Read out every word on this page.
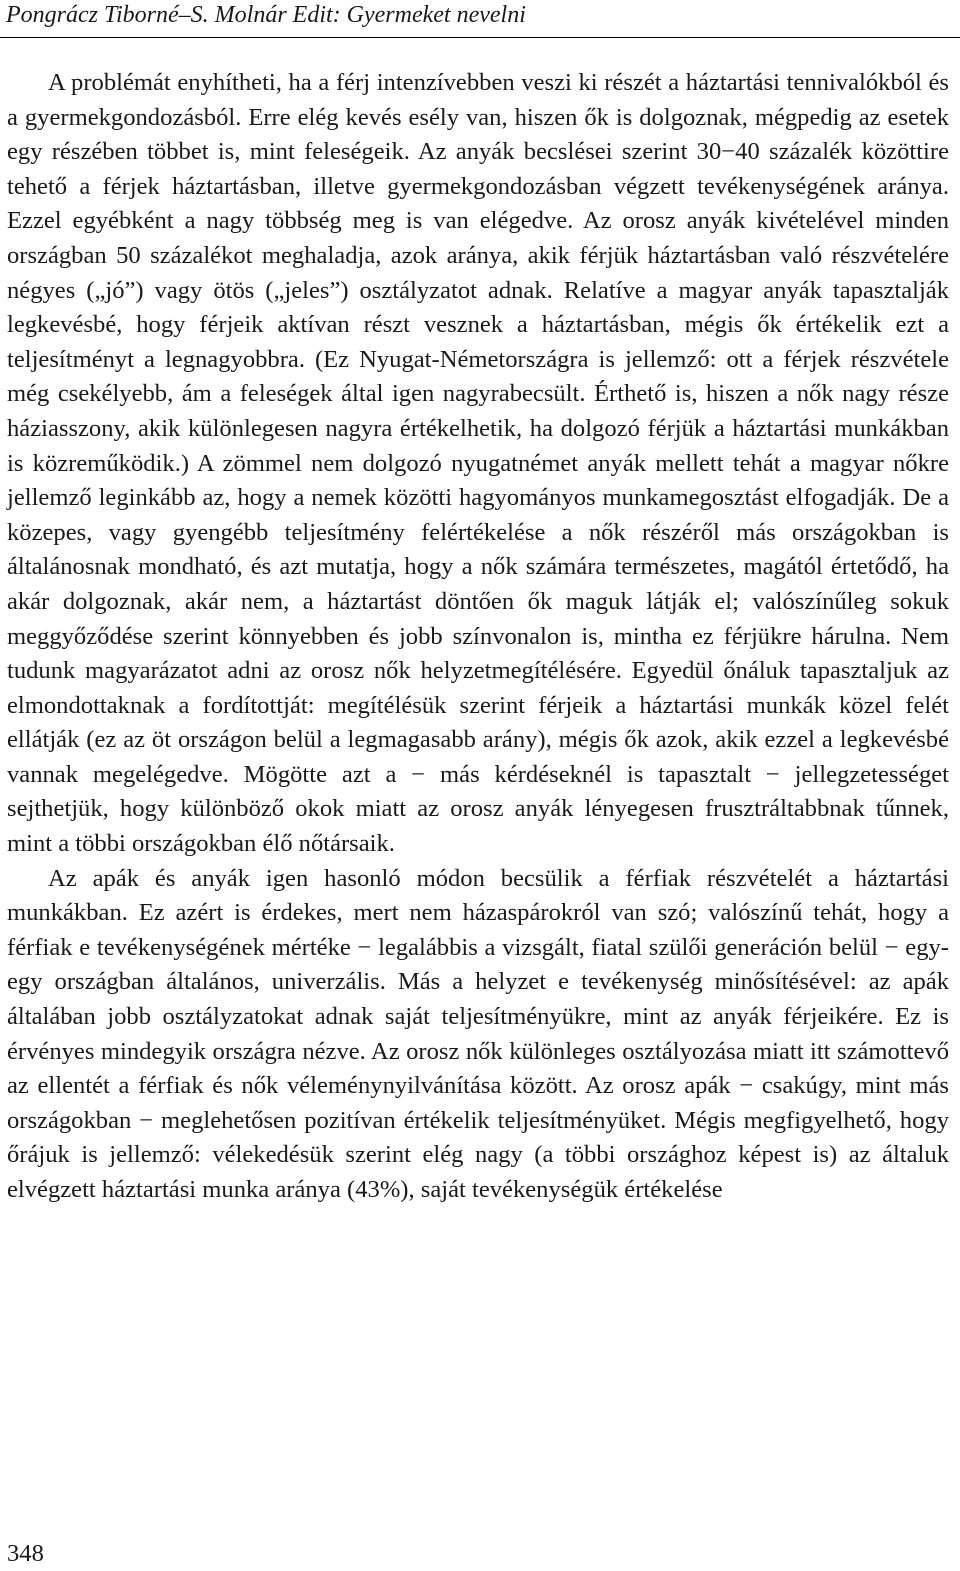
Pongrácz Tiborné–S. Molnár Edit: Gyermeket nevelni

A problémát enyhítheti, ha a férj intenzívebben veszi ki részét a háztartási tennivalókból és a gyermekgondozásból. Erre elég kevés esély van, hiszen ők is dolgoznak, mégpedig az esetek egy részében többet is, mint feleségeik. Az anyák becslései szerint 30−40 százalék közöttire tehető a férjek háztartásban, illetve gyermekgondozásban végzett tevékenységének aránya. Ezzel egyébként a nagy többség meg is van elégedve. Az orosz anyák kivételével minden országban 50 százalékot meghaladja, azok aránya, akik férjük háztartásban való részvételére négyes („jó”) vagy ötös („jeles”) osztályzatot adnak. Relatíve a magyar anyák tapasztalják legkevésbé, hogy férjeik aktívan részt vesznek a háztartásban, mégis ők értékelik ezt a teljesítményt a legnagyobbra. (Ez Nyugat-Németországra is jellemző: ott a férjek részvétele még csekélyebb, ám a feleségek által igen nagyrabecsült. Érthető is, hiszen a nők nagy része háziasszony, akik különlegesen nagyra értékelhetik, ha dolgozó férjük a háztartási munkákban is közreműködik.) A zömmel nem dolgozó nyugatnémet anyák mellett tehát a magyar nőkre jellemző leginkább az, hogy a nemek közötti hagyományos munkamegosztást elfogadják. De a közepes, vagy gyengébb teljesítmény felértékelése a nők részéről más országokban is általánosnak mondható, és azt mutatja, hogy a nők számára természetes, magától értetődő, ha akár dolgoznak, akár nem, a háztartást döntően ők maguk látják el; valószínűleg sokuk meggyőződése szerint könnyebben és jobb színvonalon is, mintha ez férjükre hárulna. Nem tudunk magyarázatot adni az orosz nők helyzetmegítélésére. Egyedül őnáluk tapasztaljuk az elmondottaknak a fordítottját: megítélésük szerint férjeik a háztartási munkák közel felét ellátják (ez az öt országon belül a legmagasabb arány), mégis ők azok, akik ezzel a legkevésbé vannak megelégedve. Mögötte azt a − más kérdéseknél is tapasztalt − jellegzetességet sejthetjük, hogy különböző okok miatt az orosz anyák lényegesen frusztráltabbnak tűnnek, mint a többi országokban élő nőtársaik.

Az apák és anyák igen hasonló módon becsülik a férfiak részvételét a háztartási munkákban. Ez azért is érdekes, mert nem házaspárokról van szó; valószínű tehát, hogy a férfiak e tevékenységének mértéke − legalábbis a vizsgált, fiatal szülői generáción belül − egy-egy országban általános, univerzális. Más a helyzet e tevékenység minősítésével: az apák általában jobb osztályzatokat adnak saját teljesítményükre, mint az anyák férjeikére. Ez is érvényes mindegyik országra nézve. Az orosz nők különleges osztályozása miatt itt számottevő az ellentét a férfiak és nők véleménynyilvánítása között. Az orosz apák − csakúgy, mint más országokban − meglehetősen pozitívan értékelik teljesítményüket. Mégis megfigyelhető, hogy őrájuk is jellemző: vélekedésük szerint elég nagy (a többi országhoz képest is) az általuk elvégzett háztartási munka aránya (43%), saját tevékenységük értékelése

348
